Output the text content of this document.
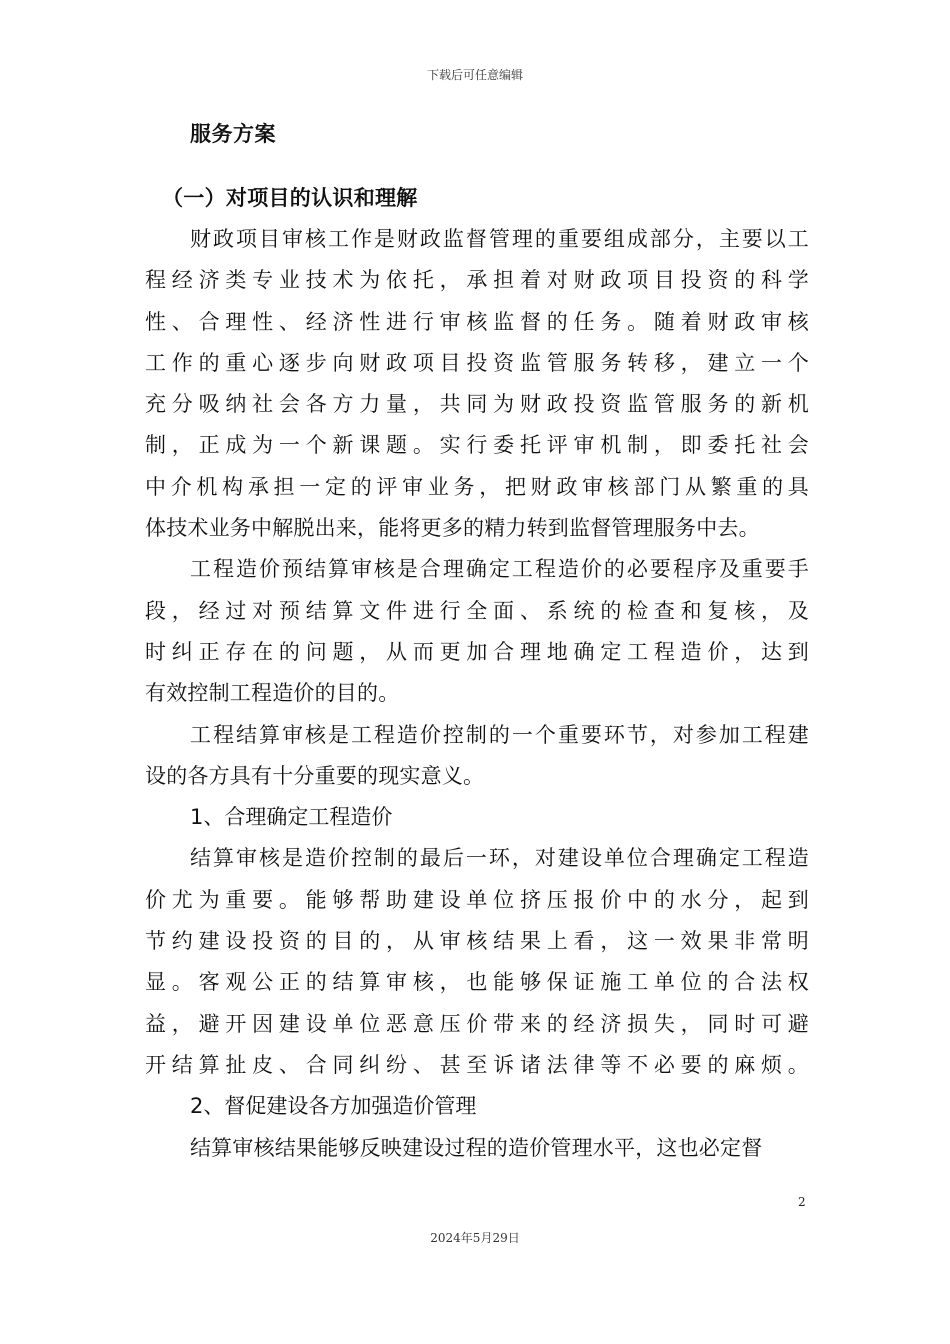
下载后可任意编辑
服务方案
（一）对项目的认识和理解

财政项目审核工作是财政监督管理的重要组成部分，主要以工
程经济类专业技术为依托，承担着对财政项目投资的科学
性、合理性、经济性进行审核监督的任务。随着财政审核
工作的重心逐步向财政项目投资监管服务转移，建立一个
充分吸纳社会各方力量，共同为财政投资监管服务的新机
制，正成为一个新课题。实行委托评审机制，即委托社会
中介机构承担一定的评审业务，把财政审核部门从繁重的具
体技术业务中解脱出来，能将更多的精力转到监督管理服务中去。

工程造价预结算审核是合理确定工程造价的必要程序及重要手
段，经过对预结算文件进行全面、系统的检查和复核，及
时纠正存在的问题，从而更加合理地确定工程造价，达到
有效控制工程造价的目的。

工程结算审核是工程造价控制的一个重要环节，对参加工程建
设的各方具有十分重要的现实意义。

1、合理确定工程造价

结算审核是造价控制的最后一环，对建设单位合理确定工程造
价尤为重要。能够帮助建设单位挤压报价中的水分，起到
节约建设投资的目的，从审核结果上看，这一效果非常明
显。客观公正的结算审核，也能够保证施工单位的合法权
益，避开因建设单位恶意压价带来的经济损失，同时可避
开结算扯皮、合同纠纷、甚至诉诸法律等不必要的麻烦。

2、督促建设各方加强造价管理

结算审核结果能够反映建设过程的造价管理水平，这也必定督

2
2024年5月29日
